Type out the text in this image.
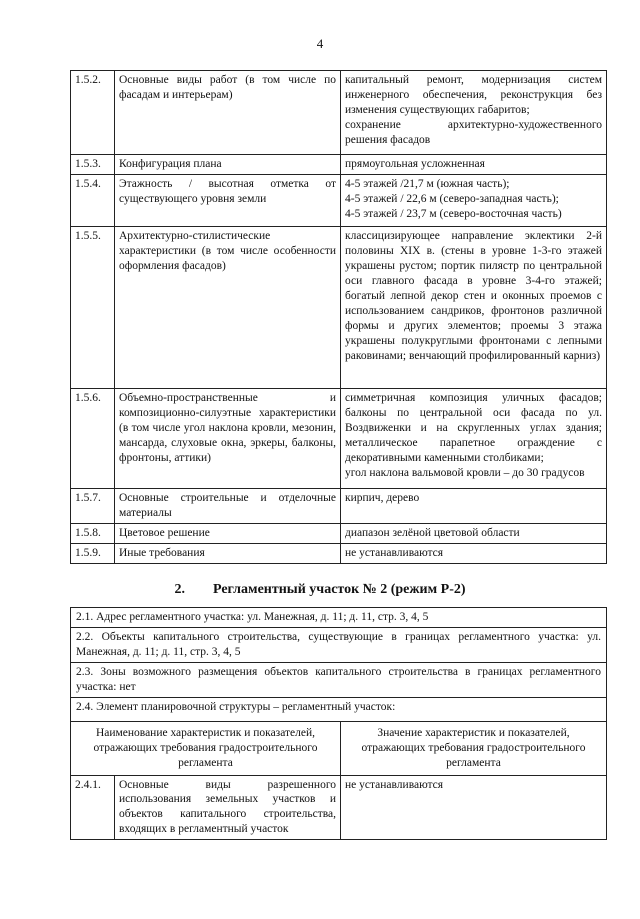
4
1.5.2.	Основные виды работ (в том числе по фасадам и интерьерам)	капитальный ремонт, модернизация систем инженерного обеспечения, реконструкция без изменения существующих габаритов;
сохранение архитектурно-художественного решения фасадов
1.5.3.	Конфигурация плана	прямоугольная усложненная
1.5.4.	Этажность / высотная отметка от существующего уровня земли	4-5 этажей /21,7 м (южная часть);
4-5 этажей / 22,6 м (северо-западная часть);
4-5 этажей / 23,7 м (северо-восточная часть)
1.5.5.	Архитектурно-стилистические характеристики (в том числе особенности оформления фасадов)	классицизирующее направление эклектики 2-й половины XIX в. (стены в уровне 1-3-го этажей украшены рустом; портик пилястр по центральной оси главного фасада в уровне 3-4-го этажей; богатый лепной декор стен и оконных проемов с использованием сандриков, фронтонов различной формы и других элементов; проемы 3 этажа украшены полукруглыми фронтонами с лепными раковинами; венчающий профилированный карниз)
1.5.6.	Объемно-пространственные и композиционно-силуэтные характеристики (в том числе угол наклона кровли, мезонин, мансарда, слуховые окна, эркеры, балконы, фронтоны, аттики)	симметричная композиция уличных фасадов; балконы по центральной оси фасада по ул. Воздвиженки и на скругленных углах здания; металлическое парапетное ограждение с декоративными каменными столбиками;
угол наклона вальмовой кровли – до 30 градусов
1.5.7.	Основные строительные и отделочные материалы	кирпич, дерево
1.5.8.	Цветовое решение	диапазон зелёной цветовой области
1.5.9.	Иные требования	не устанавливаются
2. Регламентный участок № 2 (режим Р-2)
2.1. Адрес регламентного участка: ул. Манежная, д. 11; д. 11, стр. 3, 4, 5		
2.2. Объекты капитального строительства, существующие в границах регламентного участка: ул. Манежная, д. 11; д. 11, стр. 3, 4, 5		
2.3. Зоны возможного размещения объектов капитального строительства в границах регламентного участка: нет		
2.4. Элемент планировочной структуры – регламентный участок:		
Наименование характеристик и показателей, отражающих требования градостроительного регламента		Значение характеристик и показателей, отражающих требования градостроительного регламента
2.4.1.	Основные виды разрешенного использования земельных участков и объектов капитального строительства, входящих в регламентный участок	не устанавливаются
